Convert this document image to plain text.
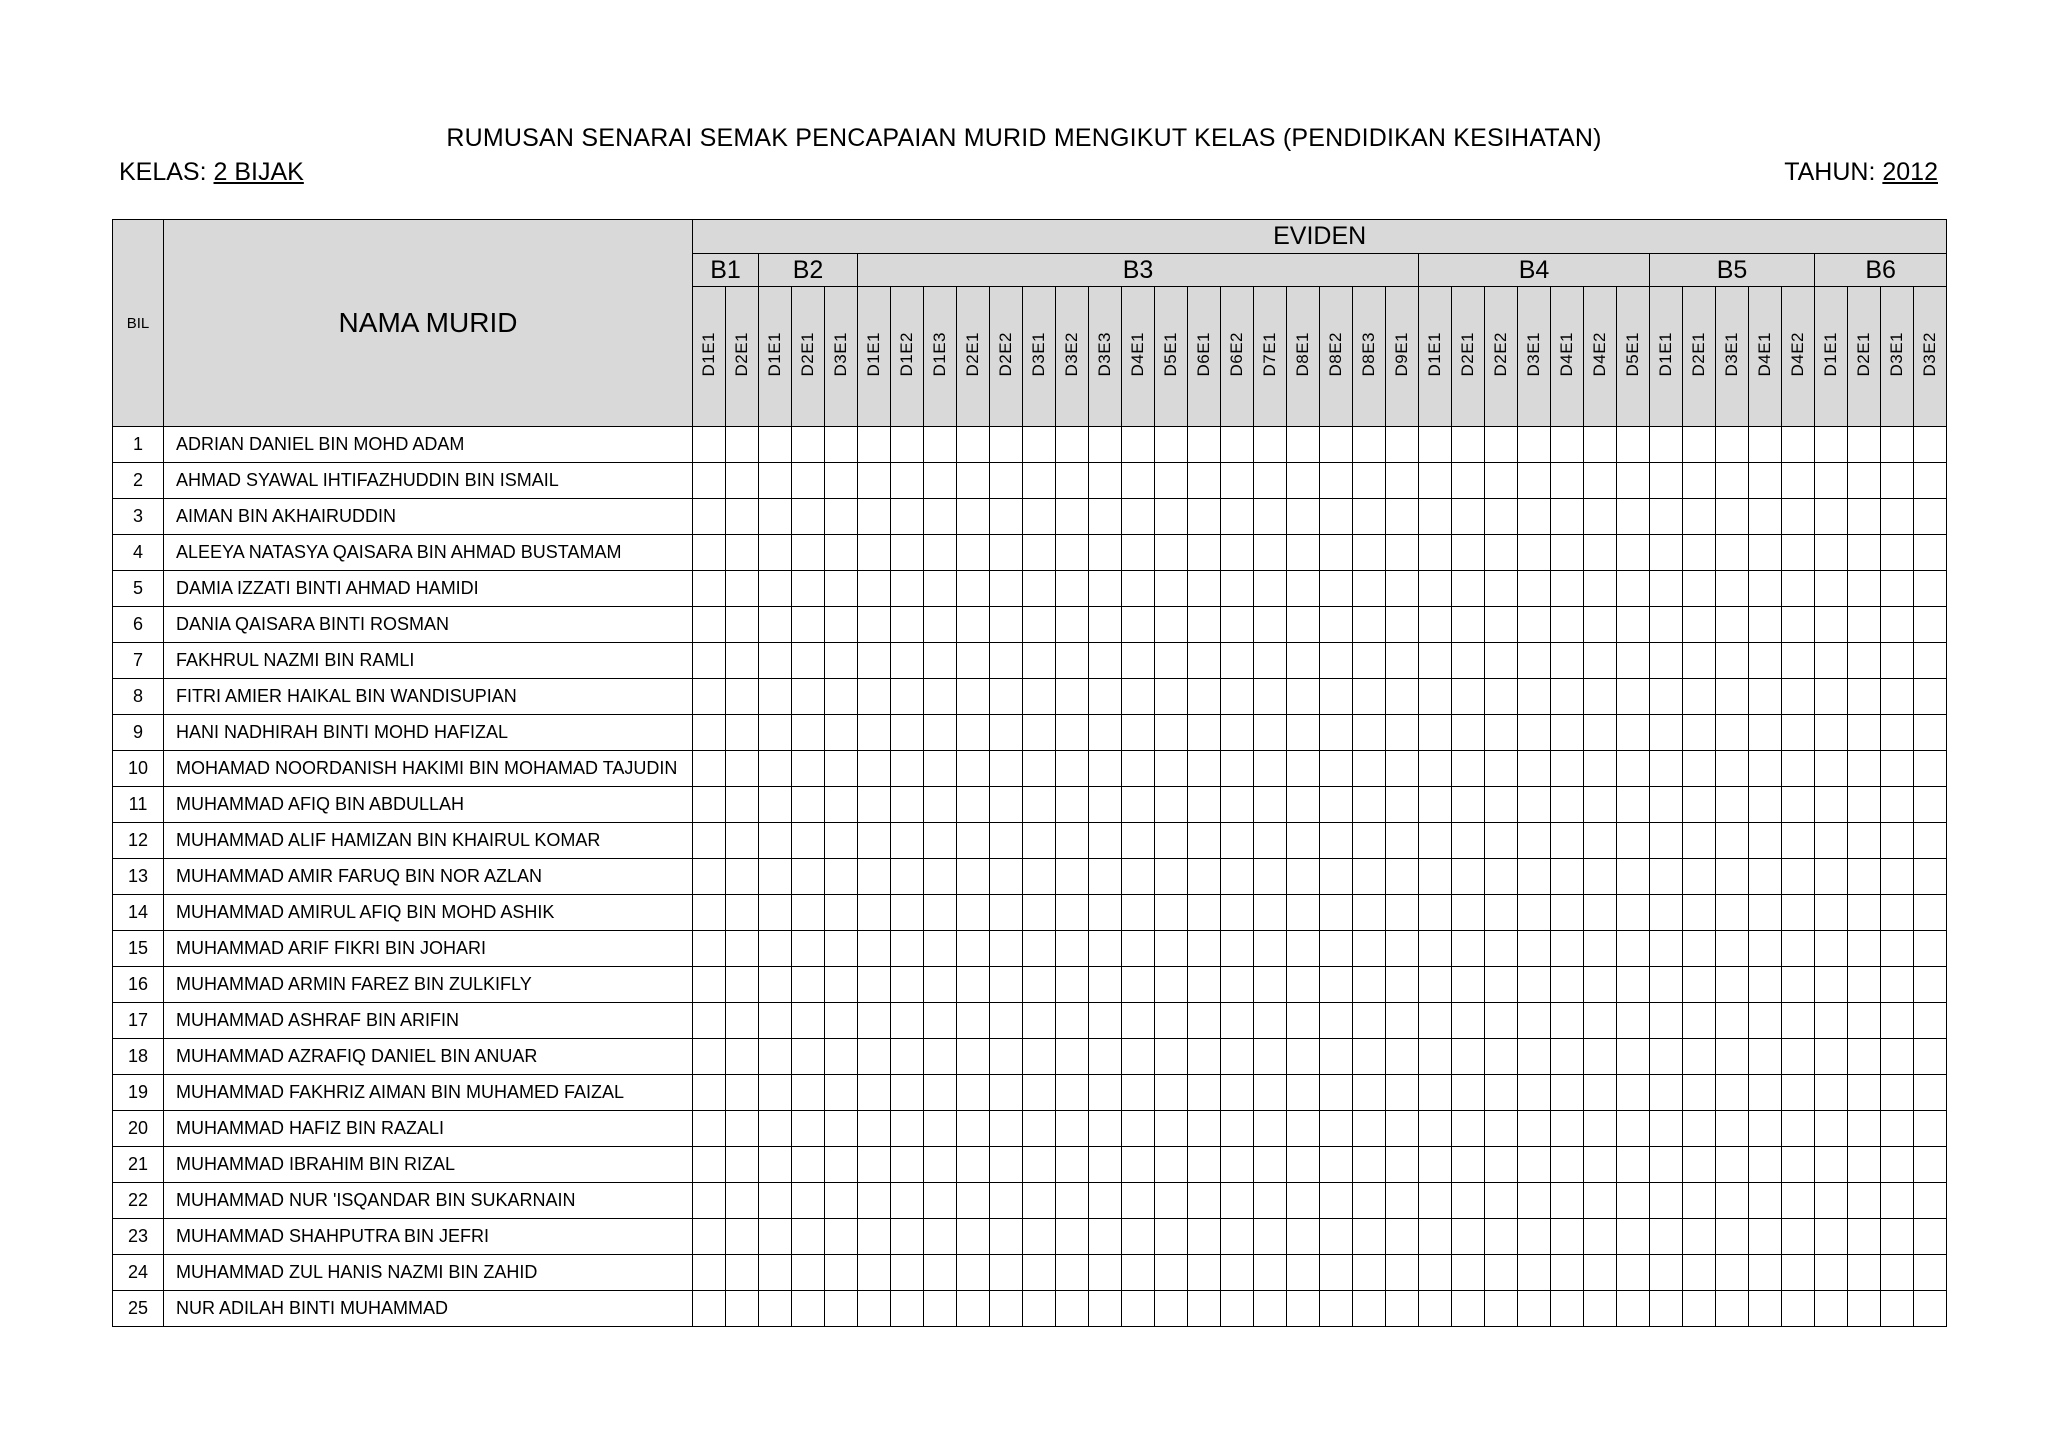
RUMUSAN SENARAI SEMAK PENCAPAIAN MURID MENGIKUT KELAS (PENDIDIKAN KESIHATAN)
KELAS: 2 BIJAK	TAHUN: 2012
BIL	NAMA MURID	EVIDEN																																					
		B1		B2			B3																	B4							B5					B6			
		D1E1	D2E1	D1E1	D2E1	D3E1	D1E1	D1E2	D1E3	D2E1	D2E2	D3E1	D3E2	D3E3	D4E1	D5E1	D6E1	D6E2	D7E1	D8E1	D8E2	D8E3	D9E1	D1E1	D2E1	D2E2	D3E1	D4E1	D4E2	D5E1	D1E1	D2E1	D3E1	D4E1	D4E2	D1E1	D2E1	D3E1	D3E2
1	ADRIAN DANIEL BIN MOHD ADAM																																						
2	AHMAD SYAWAL IHTIFAZHUDDIN BIN ISMAIL																																						
3	AIMAN BIN AKHAIRUDDIN																																						
4	ALEEYA NATASYA QAISARA BIN AHMAD BUSTAMAM																																						
5	DAMIA IZZATI BINTI AHMAD HAMIDI																																						
6	DANIA QAISARA BINTI ROSMAN																																						
7	FAKHRUL NAZMI BIN RAMLI																																						
8	FITRI AMIER HAIKAL BIN WANDISUPIAN																																						
9	HANI NADHIRAH BINTI MOHD HAFIZAL																																						
10	MOHAMAD NOORDANISH HAKIMI BIN MOHAMAD TAJUDIN																																						
11	MUHAMMAD AFIQ BIN ABDULLAH																																						
12	MUHAMMAD ALIF HAMIZAN BIN KHAIRUL KOMAR																																						
13	MUHAMMAD AMIR FARUQ BIN NOR AZLAN																																						
14	MUHAMMAD AMIRUL AFIQ BIN MOHD ASHIK																																						
15	MUHAMMAD ARIF FIKRI BIN JOHARI																																						
16	MUHAMMAD ARMIN FAREZ BIN ZULKIFLY																																						
17	MUHAMMAD ASHRAF BIN ARIFIN																																						
18	MUHAMMAD AZRAFIQ DANIEL BIN ANUAR																																						
19	MUHAMMAD FAKHRIZ AIMAN BIN MUHAMED FAIZAL																																						
20	MUHAMMAD HAFIZ BIN RAZALI																																						
21	MUHAMMAD IBRAHIM BIN RIZAL																																						
22	MUHAMMAD NUR 'ISQANDAR BIN SUKARNAIN																																						
23	MUHAMMAD SHAHPUTRA BIN JEFRI																																						
24	MUHAMMAD ZUL HANIS NAZMI BIN ZAHID																																						
25	NUR ADILAH BINTI MUHAMMAD																																						
